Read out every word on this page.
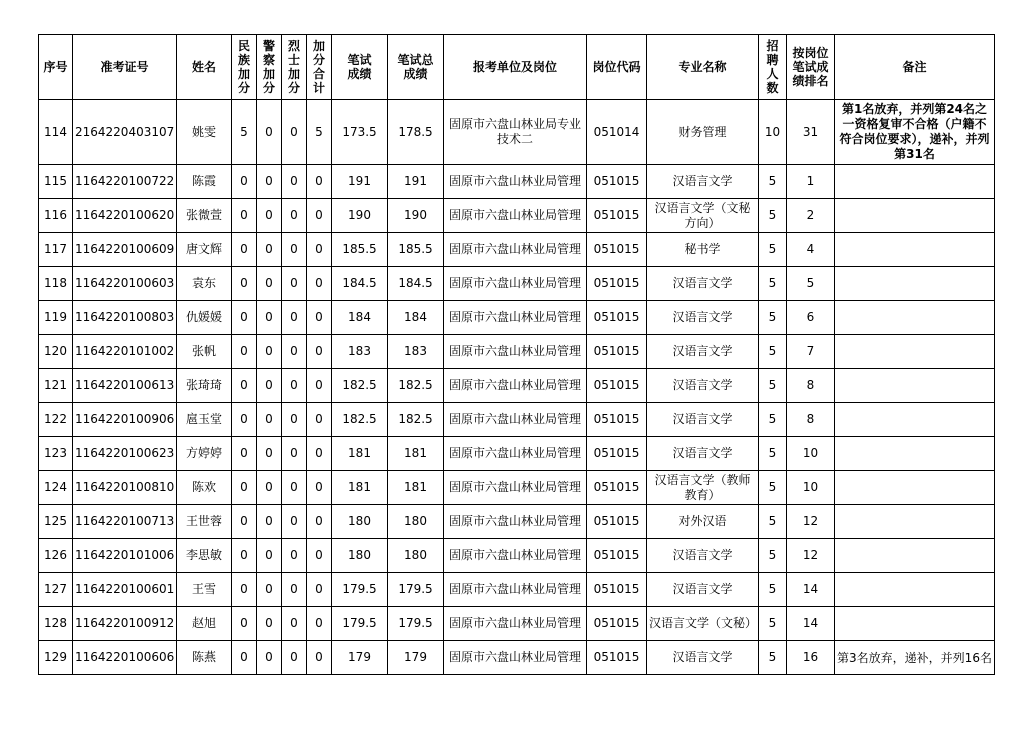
序号	准考证号	姓名	民族加分	警察加分	烈士加分	加分合计	笔试成绩	笔试总成绩	报考单位及岗位	岗位代码	专业名称	招聘人数	按岗位笔试成绩排名	备注
114	2164220403107	姚雯	5	0	0	5	173.5	178.5	固原市六盘山林业局专业技术二	051014	财务管理	10	31	第1名放弃，并列第24名之一资格复审不合格（户籍不符合岗位要求），递补，并列第31名
115	1164220100722	陈霞	0	0	0	0	191	191	固原市六盘山林业局管理	051015	汉语言文学	5	1	
116	1164220100620	张微萱	0	0	0	0	190	190	固原市六盘山林业局管理	051015	汉语言文学（文秘方向）	5	2	
117	1164220100609	唐文辉	0	0	0	0	185.5	185.5	固原市六盘山林业局管理	051015	秘书学	5	4	
118	1164220100603	袁东	0	0	0	0	184.5	184.5	固原市六盘山林业局管理	051015	汉语言文学	5	5	
119	1164220100803	仇媛媛	0	0	0	0	184	184	固原市六盘山林业局管理	051015	汉语言文学	5	6	
120	1164220101002	张帆	0	0	0	0	183	183	固原市六盘山林业局管理	051015	汉语言文学	5	7	
121	1164220100613	张琦琦	0	0	0	0	182.5	182.5	固原市六盘山林业局管理	051015	汉语言文学	5	8	
122	1164220100906	扈玉堂	0	0	0	0	182.5	182.5	固原市六盘山林业局管理	051015	汉语言文学	5	8	
123	1164220100623	方婷婷	0	0	0	0	181	181	固原市六盘山林业局管理	051015	汉语言文学	5	10	
124	1164220100810	陈欢	0	0	0	0	181	181	固原市六盘山林业局管理	051015	汉语言文学（教师教育）	5	10	
125	1164220100713	王世蓉	0	0	0	0	180	180	固原市六盘山林业局管理	051015	对外汉语	5	12	
126	1164220101006	李思敏	0	0	0	0	180	180	固原市六盘山林业局管理	051015	汉语言文学	5	12	
127	1164220100601	王雪	0	0	0	0	179.5	179.5	固原市六盘山林业局管理	051015	汉语言文学	5	14	
128	1164220100912	赵旭	0	0	0	0	179.5	179.5	固原市六盘山林业局管理	051015	汉语言文学（文秘）	5	14	
129	1164220100606	陈燕	0	0	0	0	179	179	固原市六盘山林业局管理	051015	汉语言文学	5	16	第3名放弃，递补，并列16名
